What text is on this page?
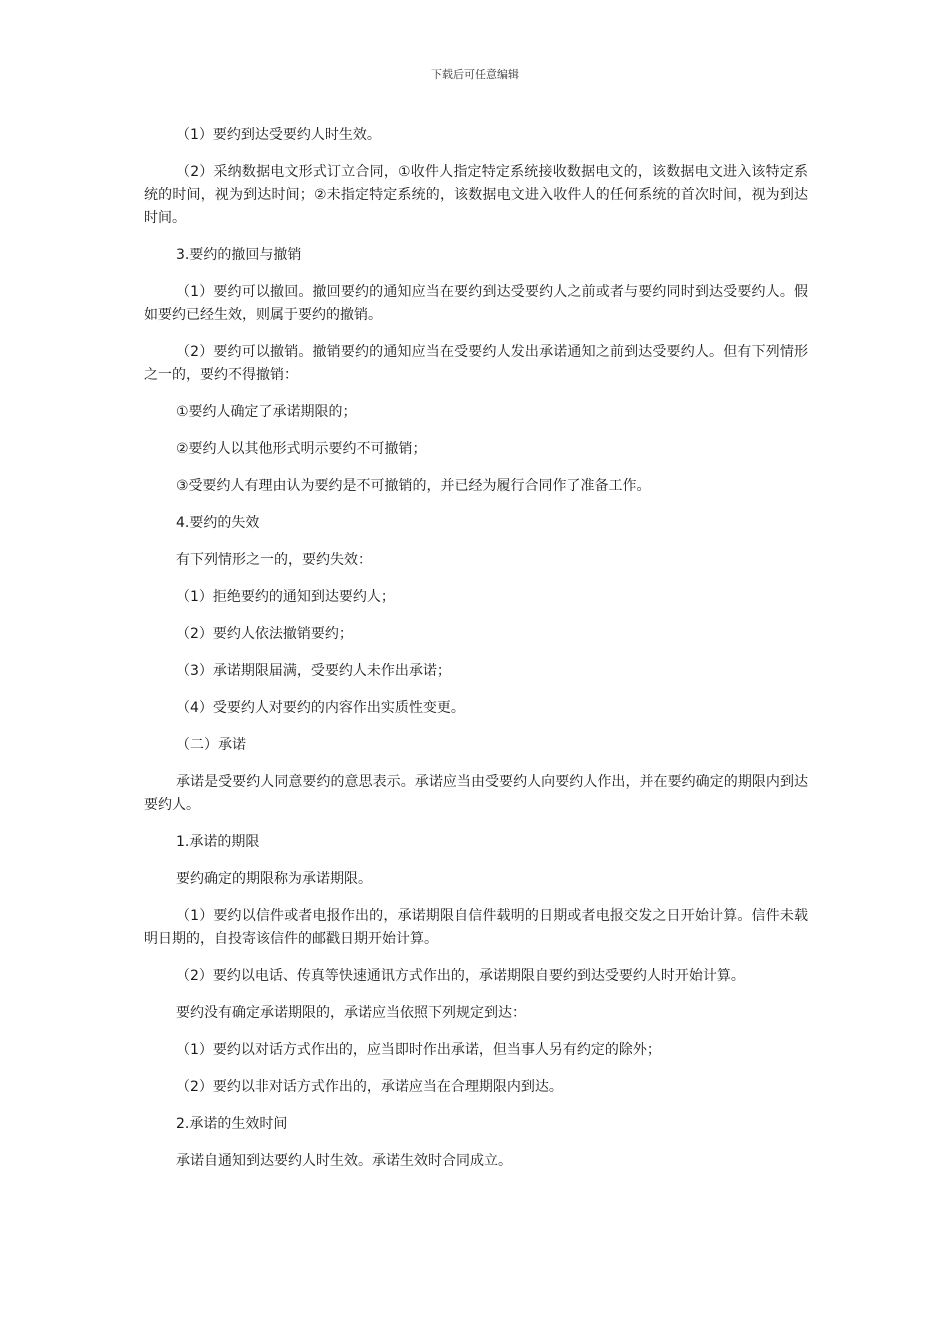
下载后可任意编辑

（1）要约到达受要约人时生效。

（2）采纳数据电文形式订立合同，①收件人指定特定系统接收数据电文的，该数据电文进入该特定系统的时间，视为到达时间；②未指定特定系统的，该数据电文进入收件人的任何系统的首次时间，视为到达时间。

3.要约的撤回与撤销

（1）要约可以撤回。撤回要约的通知应当在要约到达受要约人之前或者与要约同时到达受要约人。假如要约已经生效，则属于要约的撤销。

（2）要约可以撤销。撤销要约的通知应当在受要约人发出承诺通知之前到达受要约人。但有下列情形之一的，要约不得撤销：

①要约人确定了承诺期限的；

②要约人以其他形式明示要约不可撤销；

③受要约人有理由认为要约是不可撤销的，并已经为履行合同作了准备工作。

4.要约的失效

有下列情形之一的，要约失效：

（1）拒绝要约的通知到达要约人；

（2）要约人依法撤销要约；

（3）承诺期限届满，受要约人未作出承诺；

（4）受要约人对要约的内容作出实质性变更。

（二）承诺

承诺是受要约人同意要约的意思表示。承诺应当由受要约人向要约人作出，并在要约确定的期限内到达要约人。

1.承诺的期限

要约确定的期限称为承诺期限。

（1）要约以信件或者电报作出的，承诺期限自信件载明的日期或者电报交发之日开始计算。信件未载明日期的，自投寄该信件的邮戳日期开始计算。

（2）要约以电话、传真等快速通讯方式作出的，承诺期限自要约到达受要约人时开始计算。

要约没有确定承诺期限的，承诺应当依照下列规定到达：

（1）要约以对话方式作出的，应当即时作出承诺，但当事人另有约定的除外；

（2）要约以非对话方式作出的，承诺应当在合理期限内到达。

2.承诺的生效时间

承诺自通知到达要约人时生效。承诺生效时合同成立。
